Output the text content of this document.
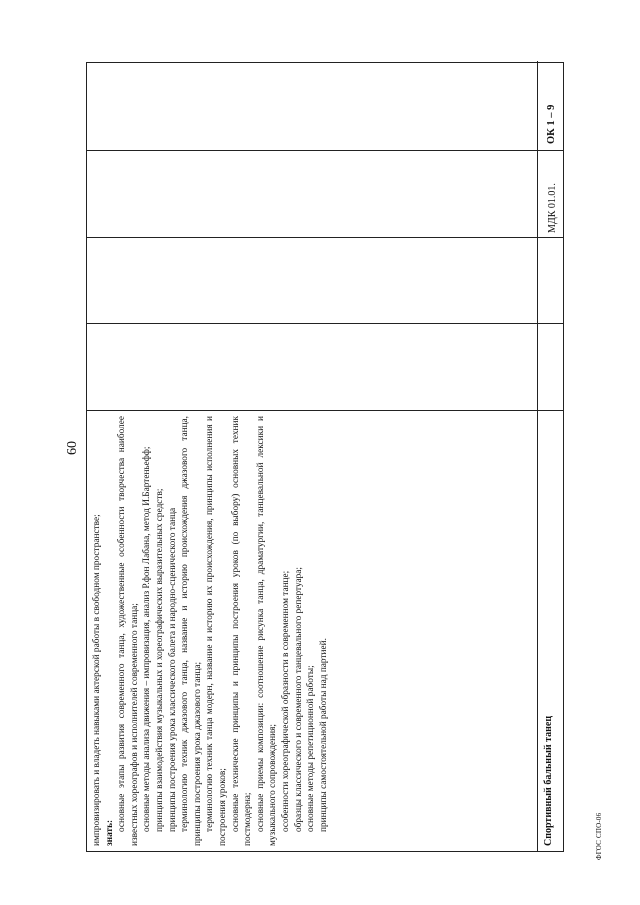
60
ФГОС СПО-06

импровизировать и владеть навыками актерской работы в свободном пространстве; знать:

основные этапы развития современного танца, художественные особенности творчества наиболее известных хореографов и исполнителей современного танца; основные методы анализа движения – импровизация, анализ Р.фон Лабана, метод И.Бартеньефф; принципы взаимодействия музыкальных и хореографических выразительных средств; принципы построения урока классического балета и народно-сценического танца терминологию техник джазового танца, название и историю происхождения джазового танца, принципы построения урока джазового танца; терминологию техник танца модерн, название и историю их происхождения, принципы исполнения и построения уроков; основные технические принципы и принципы построения уроков (по выбору) основных техник постмодерна; основные приемы композиции: соотношение рисунка танца, драматургии, танцевальной лексики и музыкального сопровождения; особенности хореографической образности в современном танце; образцы классического и современного танцевального репертуара; основные методы репетиционной работы; принципы самостоятельной работы над партией.	Спортивный бальный танец
МДК 01.01.
ОК 1 – 9
